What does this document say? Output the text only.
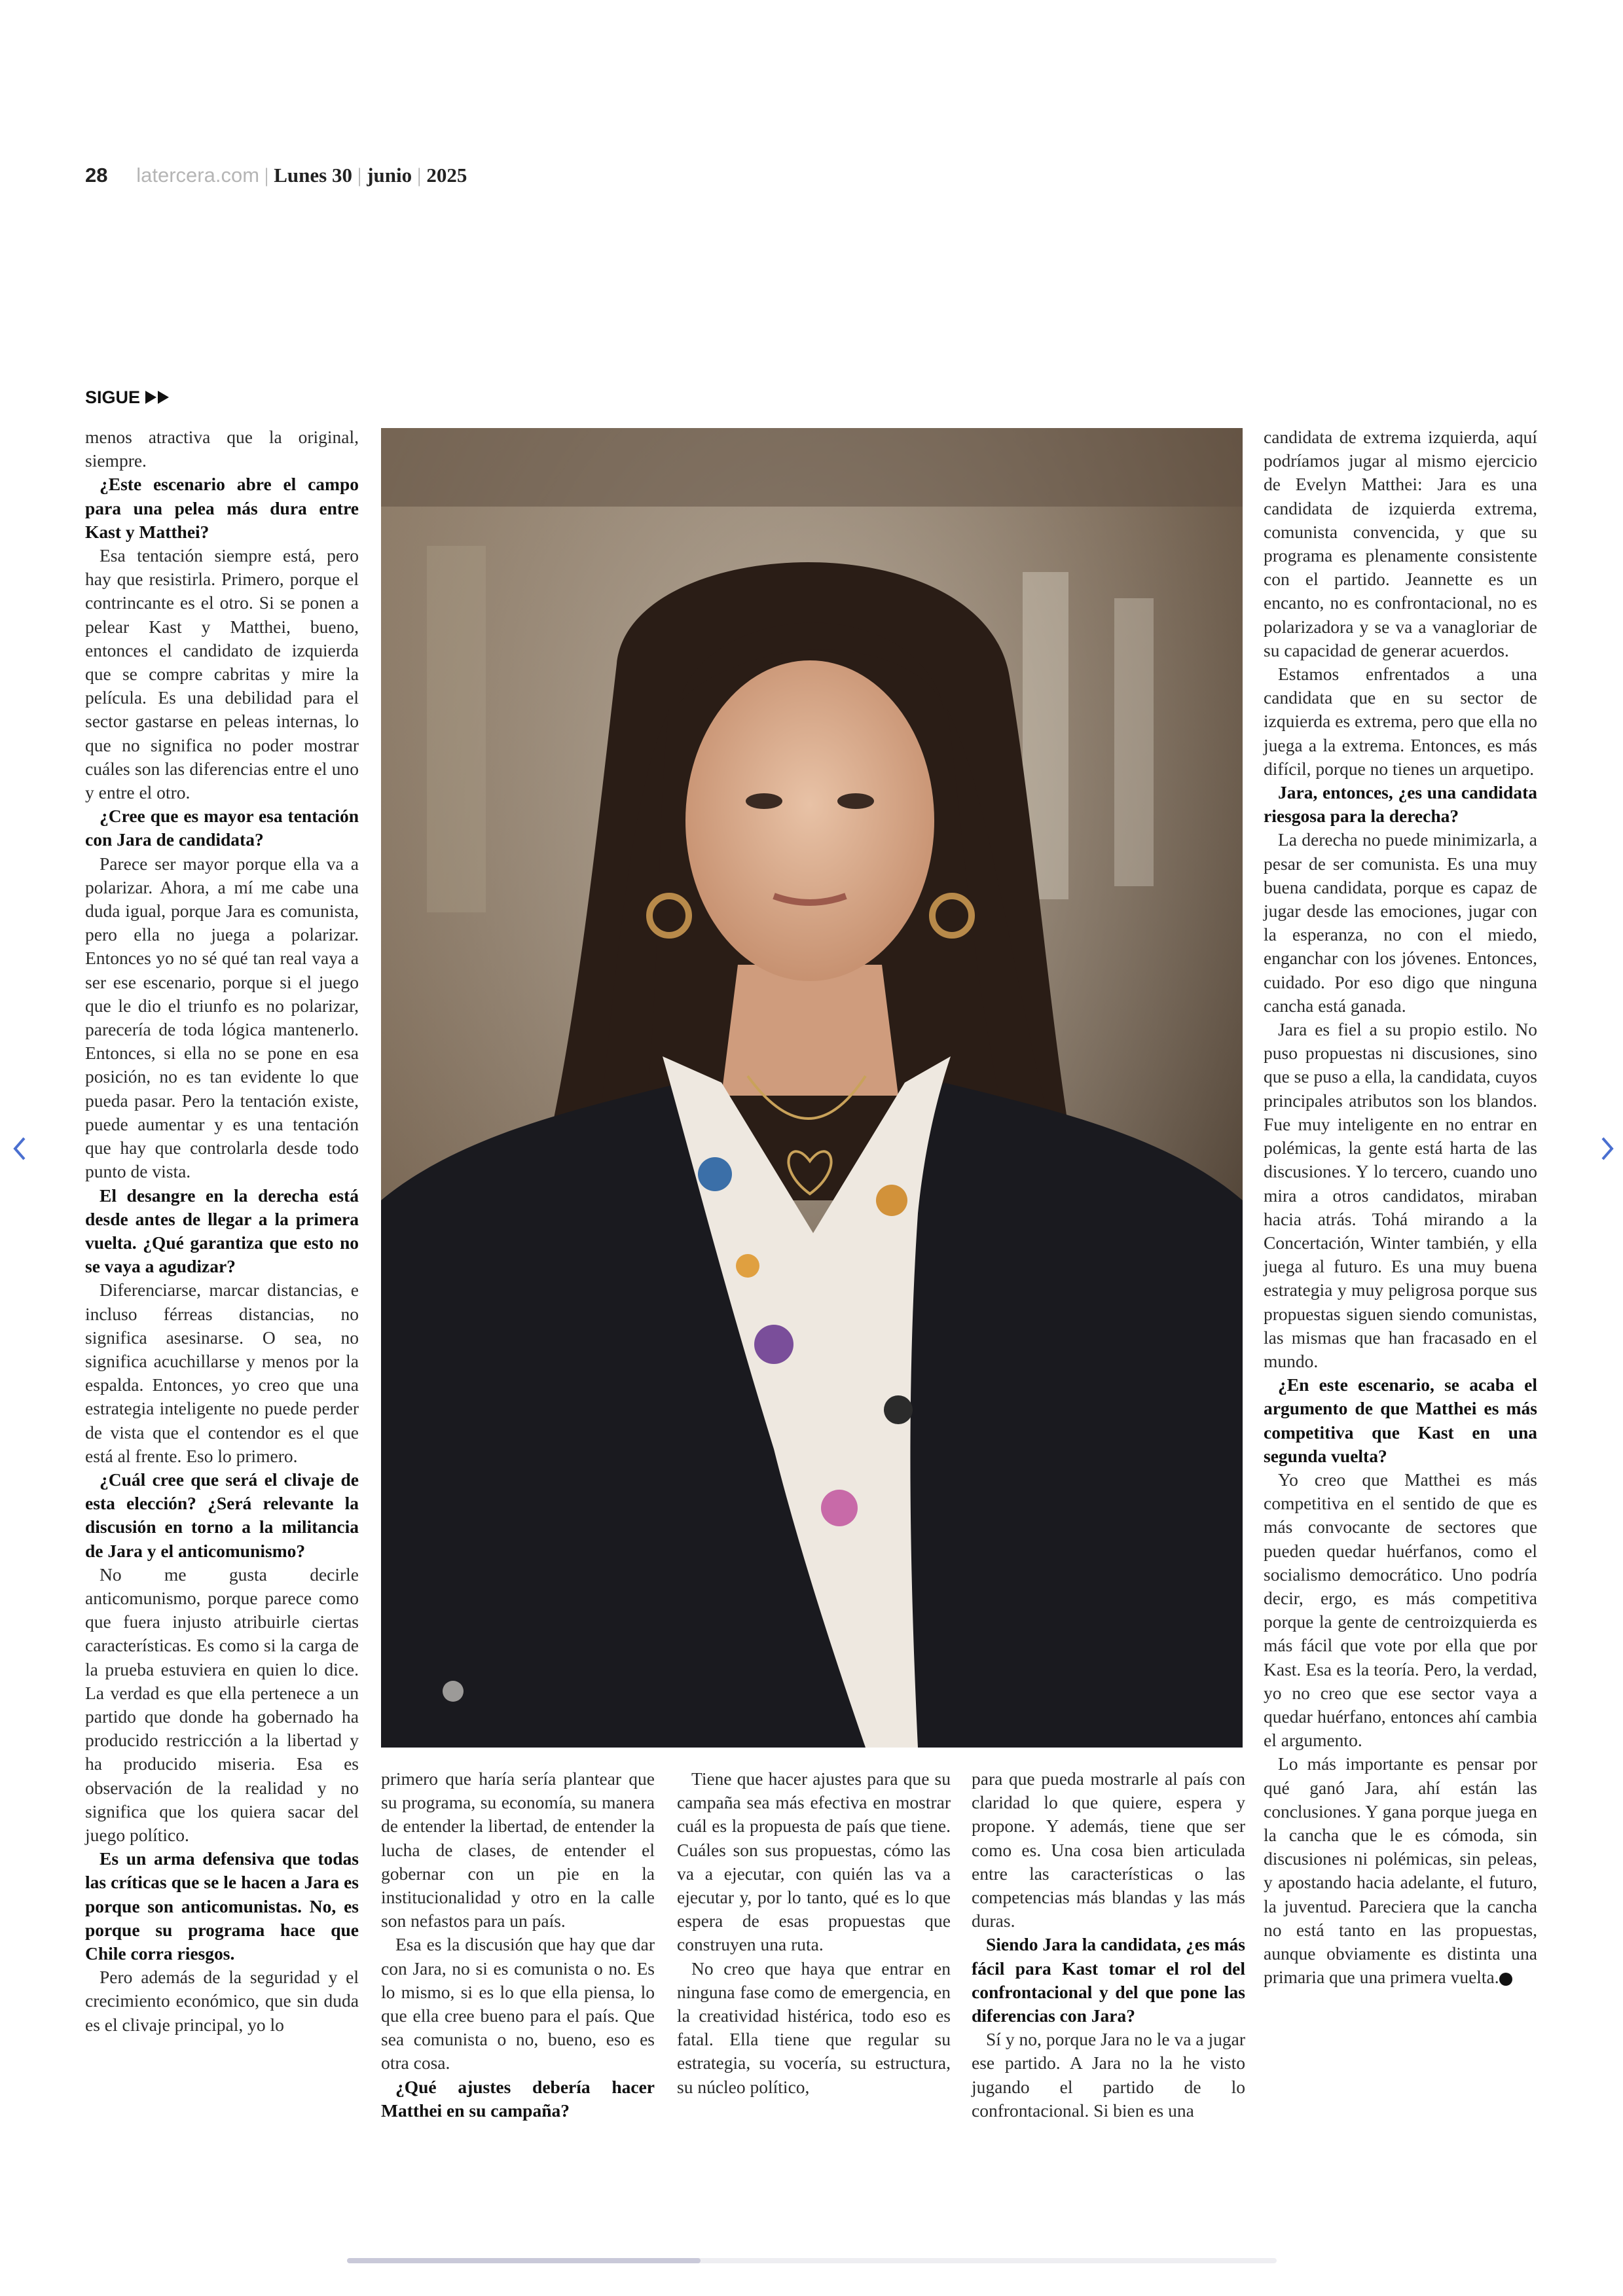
28 latercera.com | Lunes 30 | junio | 2025
SIGUE

menos atractiva que la original, siempre.

¿Este escenario abre el campo para una pelea más dura entre Kast y Matthei?

Esa tentación siempre está, pero hay que resistirla. Primero, porque el contrincante es el otro. Si se ponen a pelear Kast y Matthei, bueno, entonces el candidato de izquierda que se compre cabritas y mire la película. Es una debilidad para el sector gastarse en peleas internas, lo que no significa no poder mostrar cuáles son las diferencias entre el uno y entre el otro.

¿Cree que es mayor esa tentación con Jara de candidata?

Parece ser mayor porque ella va a polarizar. Ahora, a mí me cabe una duda igual, porque Jara es comunista, pero ella no juega a polarizar. Entonces yo no sé qué tan real vaya a ser ese escenario, porque si el juego que le dio el triunfo es no polarizar, parecería de toda lógica mantenerlo. Entonces, si ella no se pone en esa posición, no es tan evidente lo que pueda pasar. Pero la tentación existe, puede aumentar y es una tentación que hay que controlarla desde todo punto de vista.

El desangre en la derecha está desde antes de llegar a la primera vuelta. ¿Qué garantiza que esto no se vaya a agudizar?

Diferenciarse, marcar distancias, e incluso férreas distancias, no significa asesinarse. O sea, no significa acuchillarse y menos por la espalda. Entonces, yo creo que una estrategia inteligente no puede perder de vista que el contendor es el que está al frente. Eso lo primero.

¿Cuál cree que será el clivaje de esta elección? ¿Será relevante la discusión en torno a la militancia de Jara y el anticomunismo?

No me gusta decirle anticomunismo, porque parece como que fuera injusto atribuirle ciertas características. Es como si la carga de la prueba estuviera en quien lo dice. La verdad es que ella pertenece a un partido que donde ha gobernado ha producido restricción a la libertad y ha producido miseria. Esa es observación de la realidad y no significa que los quiera sacar del juego político.

Es un arma defensiva que todas las críticas que se le hacen a Jara es porque son anticomunistas. No, es porque su programa hace que Chile corra riesgos.

Pero además de la seguridad y el crecimiento económico, que sin duda es el clivaje principal, yo lo

primero que haría sería plantear que su programa, su economía, su manera de entender la libertad, de entender la lucha de clases, de entender el gobernar con un pie en la institucionalidad y otro en la calle son nefastos para un país.

Esa es la discusión que hay que dar con Jara, no si es comunista o no. Es lo mismo, si es lo que ella piensa, lo que ella cree bueno para el país. Que sea comunista o no, bueno, eso es otra cosa.

¿Qué ajustes debería hacer Matthei en su campaña?

Tiene que hacer ajustes para que su campaña sea más efectiva en mostrar cuál es la propuesta de país que tiene. Cuáles son sus propuestas, cómo las va a ejecutar, con quién las va a ejecutar y, por lo tanto, qué es lo que espera de esas propuestas que construyen una ruta.

No creo que haya que entrar en ninguna fase como de emergencia, en la creatividad histérica, todo eso es fatal. Ella tiene que regular su estrategia, su vocería, su estructura, su núcleo político,

para que pueda mostrarle al país con claridad lo que quiere, espera y propone. Y además, tiene que ser como es. Una cosa bien articulada entre las características o las competencias más blandas y las más duras.

Siendo Jara la candidata, ¿es más fácil para Kast tomar el rol del confrontacional y del que pone las diferencias con Jara?

Sí y no, porque Jara no le va a jugar ese partido. A Jara no la he visto jugando el partido de lo confrontacional. Si bien es una

candidata de extrema izquierda, aquí podríamos jugar al mismo ejercicio de Evelyn Matthei: Jara es una candidata de izquierda extrema, comunista convencida, y que su programa es plenamente consistente con el partido. Jeannette es un encanto, no es confrontacional, no es polarizadora y se va a vanagloriar de su capacidad de generar acuerdos.

Estamos enfrentados a una candidata que en su sector de izquierda es extrema, pero que ella no juega a la extrema. Entonces, es más difícil, porque no tienes un arquetipo.

Jara, entonces, ¿es una candidata riesgosa para la derecha?

La derecha no puede minimizarla, a pesar de ser comunista. Es una muy buena candidata, porque es capaz de jugar desde las emociones, jugar con la esperanza, no con el miedo, enganchar con los jóvenes. Entonces, cuidado. Por eso digo que ninguna cancha está ganada.

Jara es fiel a su propio estilo. No puso propuestas ni discusiones, sino que se puso a ella, la candidata, cuyos principales atributos son los blandos. Fue muy inteligente en no entrar en polémicas, la gente está harta de las discusiones. Y lo tercero, cuando uno mira a otros candidatos, miraban hacia atrás. Tohá mirando a la Concertación, Winter también, y ella juega al futuro. Es una muy buena estrategia y muy peligrosa porque sus propuestas siguen siendo comunistas, las mismas que han fracasado en el mundo.

¿En este escenario, se acaba el argumento de que Matthei es más competitiva que Kast en una segunda vuelta?

Yo creo que Matthei es más competitiva en el sentido de que es más convocante de sectores que pueden quedar huérfanos, como el socialismo democrático. Uno podría decir, ergo, es más competitiva porque la gente de centroizquierda es más fácil que vote por ella que por Kast. Esa es la teoría. Pero, la verdad, yo no creo que ese sector vaya a quedar huérfano, entonces ahí cambia el argumento.

Lo más importante es pensar por qué ganó Jara, ahí están las conclusiones. Y gana porque juega en la cancha que le es cómoda, sin discusiones ni polémicas, sin peleas, y apostando hacia adelante, el futuro, la juventud. Pareciera que la cancha no está tanto en las propuestas, aunque obviamente es distinta una primaria que una primera vuelta.
